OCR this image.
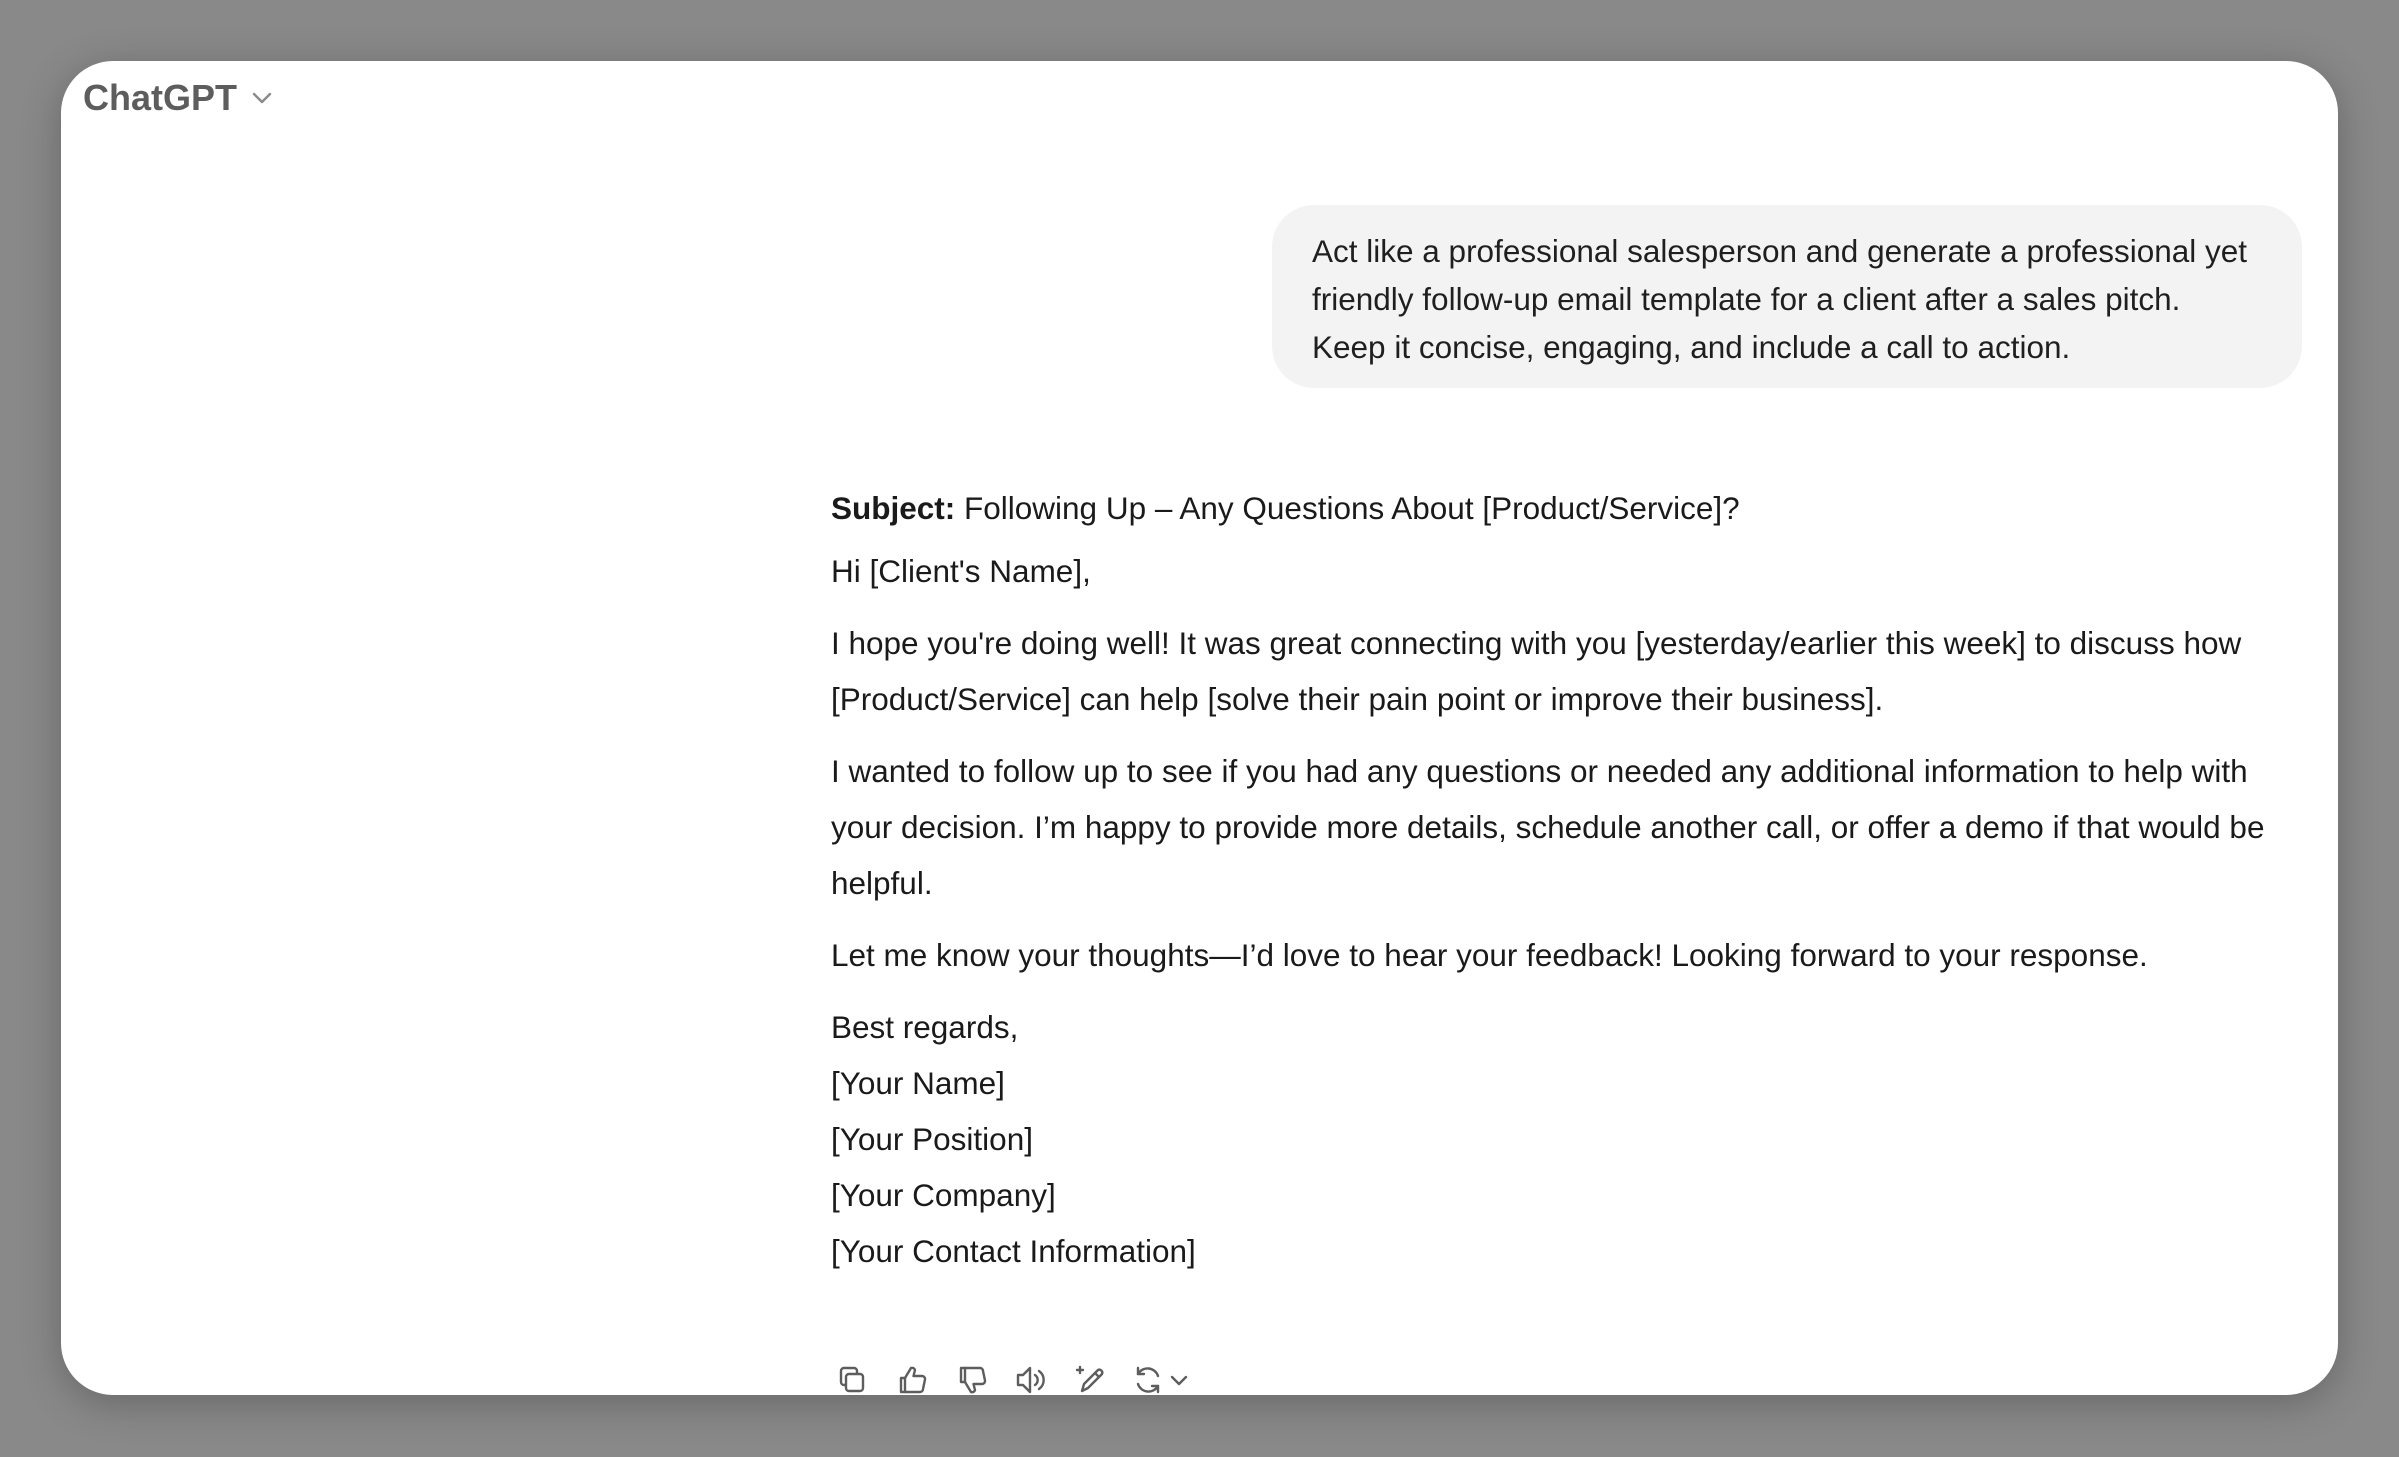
ChatGPT
Act like a professional salesperson and generate a professional yet friendly follow-up email template for a client after a sales pitch. Keep it concise, engaging, and include a call to action.

Subject: Following Up – Any Questions About [Product/Service]?

Hi [Client's Name],

I hope you're doing well! It was great connecting with you [yesterday/earlier this week] to discuss how [Product/Service] can help [solve their pain point or improve their business].

I wanted to follow up to see if you had any questions or needed any additional information to help with your decision. I’m happy to provide more details, schedule another call, or offer a demo if that would be helpful.

Let me know your thoughts—I’d love to hear your feedback! Looking forward to your response.

Best regards,
[Your Name]
[Your Position]
[Your Company]
[Your Contact Information]
